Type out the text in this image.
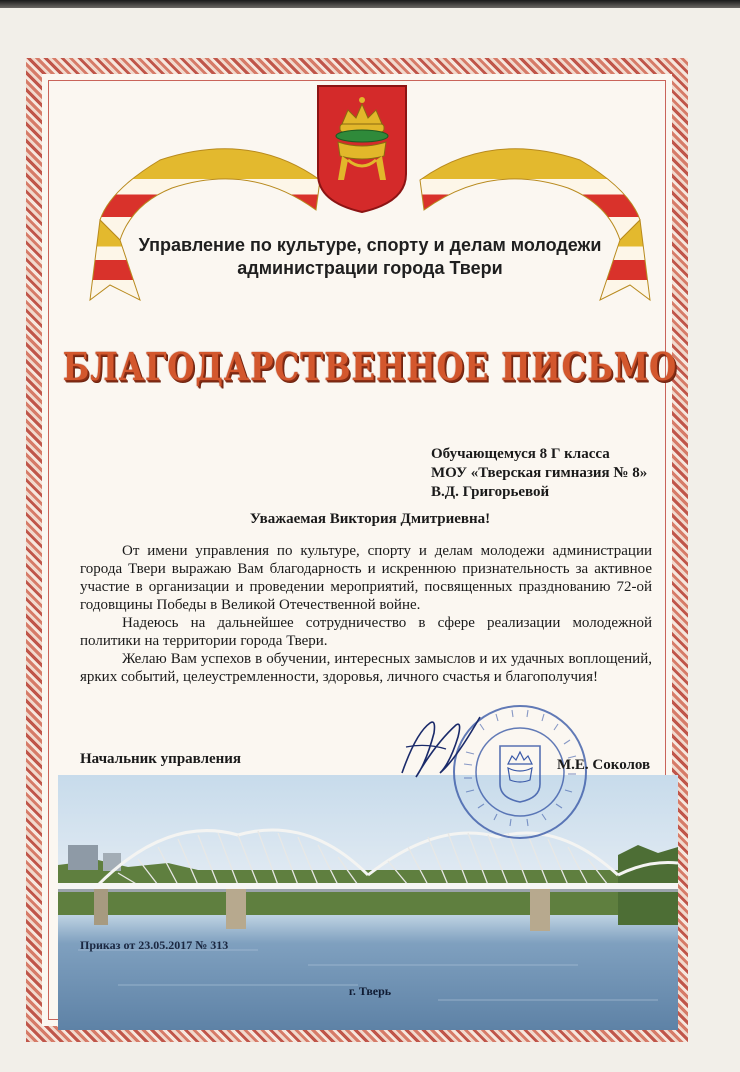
Управление по культуре, спорту и делам молодежи
администрации города Твери
БЛАГОДАРСТВЕННОЕ ПИСЬМО
Обучающемуся 8 Г класса
МОУ «Тверская гимназия № 8»
В.Д. Григорьевой
Уважаемая Виктория Дмитриевна!

От имени управления по культуре, спорту и делам молодежи администрации города Твери выражаю Вам благодарность и искреннюю признательность за активное участие в организации и проведении мероприятий, посвященных празднованию 72-ой годовщины Победы в Великой Отечественной войне.

Надеюсь на дальнейшее сотрудничество в сфере реализации молодежной политики на территории города Твери.

Желаю Вам успехов в обучении, интересных замыслов и их удачных воплощений, ярких событий, целеустремленности, здоровья, личного счастья и благополучия!

Начальник управления	М.Е. Соколов
Приказ от 23.05.2017 № 313
г. Тверь
